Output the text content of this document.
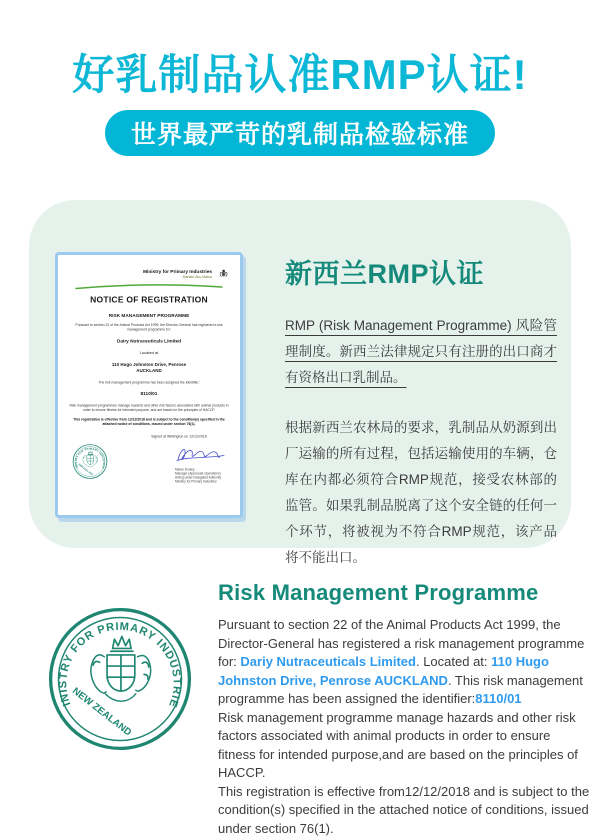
好乳制品认准RMP认证!
世界最严苛的乳制品检验标准
Ministry for Primary Industries
Manatū Ahu Matua
NOTICE OF REGISTRATION
RISK MANAGEMENT PROGRAMME
Pursuant to section 22 of the Animal Products Act 1999, the Director-General has registered a risk management programme for:
Dairy Nutraceuticals Limited
Located at
110 Hugo Johnston Drive, Penrose
AUCKLAND
The risk management programme has been assigned the identifier:
8110/01
Risk management programmes manage hazards and other risk factors associated with animal products in order to ensure fitness for intended purpose, and are based on the principles of HACCP.
This registration is effective from 12/12/2018 and is subject to the condition(s) specified in the attached notice of conditions, issued under section 76(1).
Signed at Wellington on 12/12/2018
Maree Dooley
Manager (Approvals Operations)
Acting under Delegated Authority
Ministry for Primary Industries
新西兰RMP认证

RMP (Risk Management Programme) 风险管理制度。新西兰法律规定只有注册的出口商才有资格出口乳制品。

根据新西兰农林局的要求，乳制品从奶源到出厂运输的所有过程，包括运输使用的车辆，仓库在内都必须符合RMP规范，接受农林部的监管。如果乳制品脱离了这个安全链的任何一个环节，将被视为不符合RMP规范，该产品将不能出口。

Risk Management Programme

Pursuant to section 22 of the Animal Products Act 1999, the Director-General has registered a risk management programme for: Dariy Nutraceuticals Limited. Located at: 110 Hugo Johnston Drive, Penrose AUCKLAND. This risk management programme has been assigned the identifier:8110/01

Risk management programme manage hazards and other risk factors associated with animal products in order to ensure fitness for intended purpose,and are based on the principles of HACCP.

This registration is effective from12/12/2018 and is subject to the condition(s) specified in the attached notice of conditions, issued under section 76(1).
